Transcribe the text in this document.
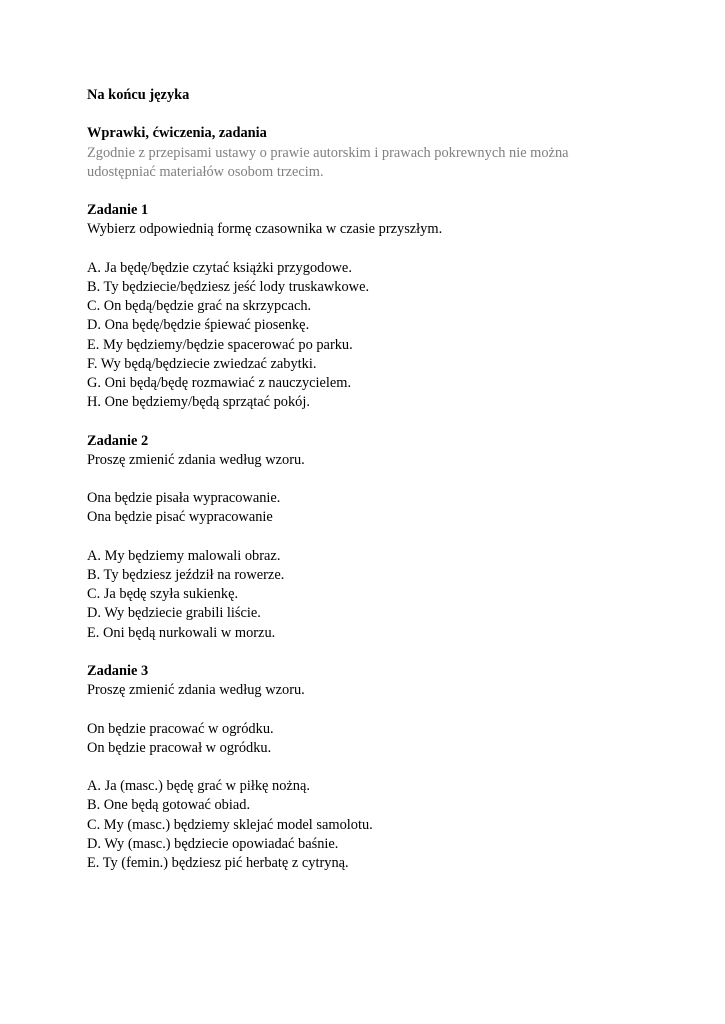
Na końcu języka
Wprawki, ćwiczenia, zadania
Zgodnie z przepisami ustawy o prawie autorskim i prawach pokrewnych nie można
udostępniać materiałów osobom trzecim.
Zadanie 1
Wybierz odpowiednią formę czasownika w czasie przyszłym.
A. Ja będę/będzie czytać książki przygodowe.
B. Ty będziecie/będziesz jeść lody truskawkowe.
C. On będą/będzie grać na skrzypcach.
D. Ona będę/będzie śpiewać piosenkę.
E. My będziemy/będzie spacerować po parku.
F. Wy będą/będziecie zwiedzać zabytki.
G. Oni będą/będę rozmawiać z nauczycielem.
H. One będziemy/będą sprzątać pokój.
Zadanie 2
Proszę zmienić zdania według wzoru.
Ona będzie pisała wypracowanie.
Ona będzie pisać wypracowanie
A. My będziemy malowali obraz.
B. Ty będziesz jeździł na rowerze.
C. Ja będę szyła sukienkę.
D. Wy będziecie grabili liście.
E. Oni będą nurkowali w morzu.
Zadanie 3
Proszę zmienić zdania według wzoru.
On będzie pracować w ogródku.
On będzie pracował w ogródku.
A. Ja (masc.) będę grać w piłkę nożną.
B. One będą gotować obiad.
C. My (masc.) będziemy sklejać model samolotu.
D. Wy (masc.) będziecie opowiadać baśnie.
E. Ty (femin.) będziesz pić herbatę z cytryną.
